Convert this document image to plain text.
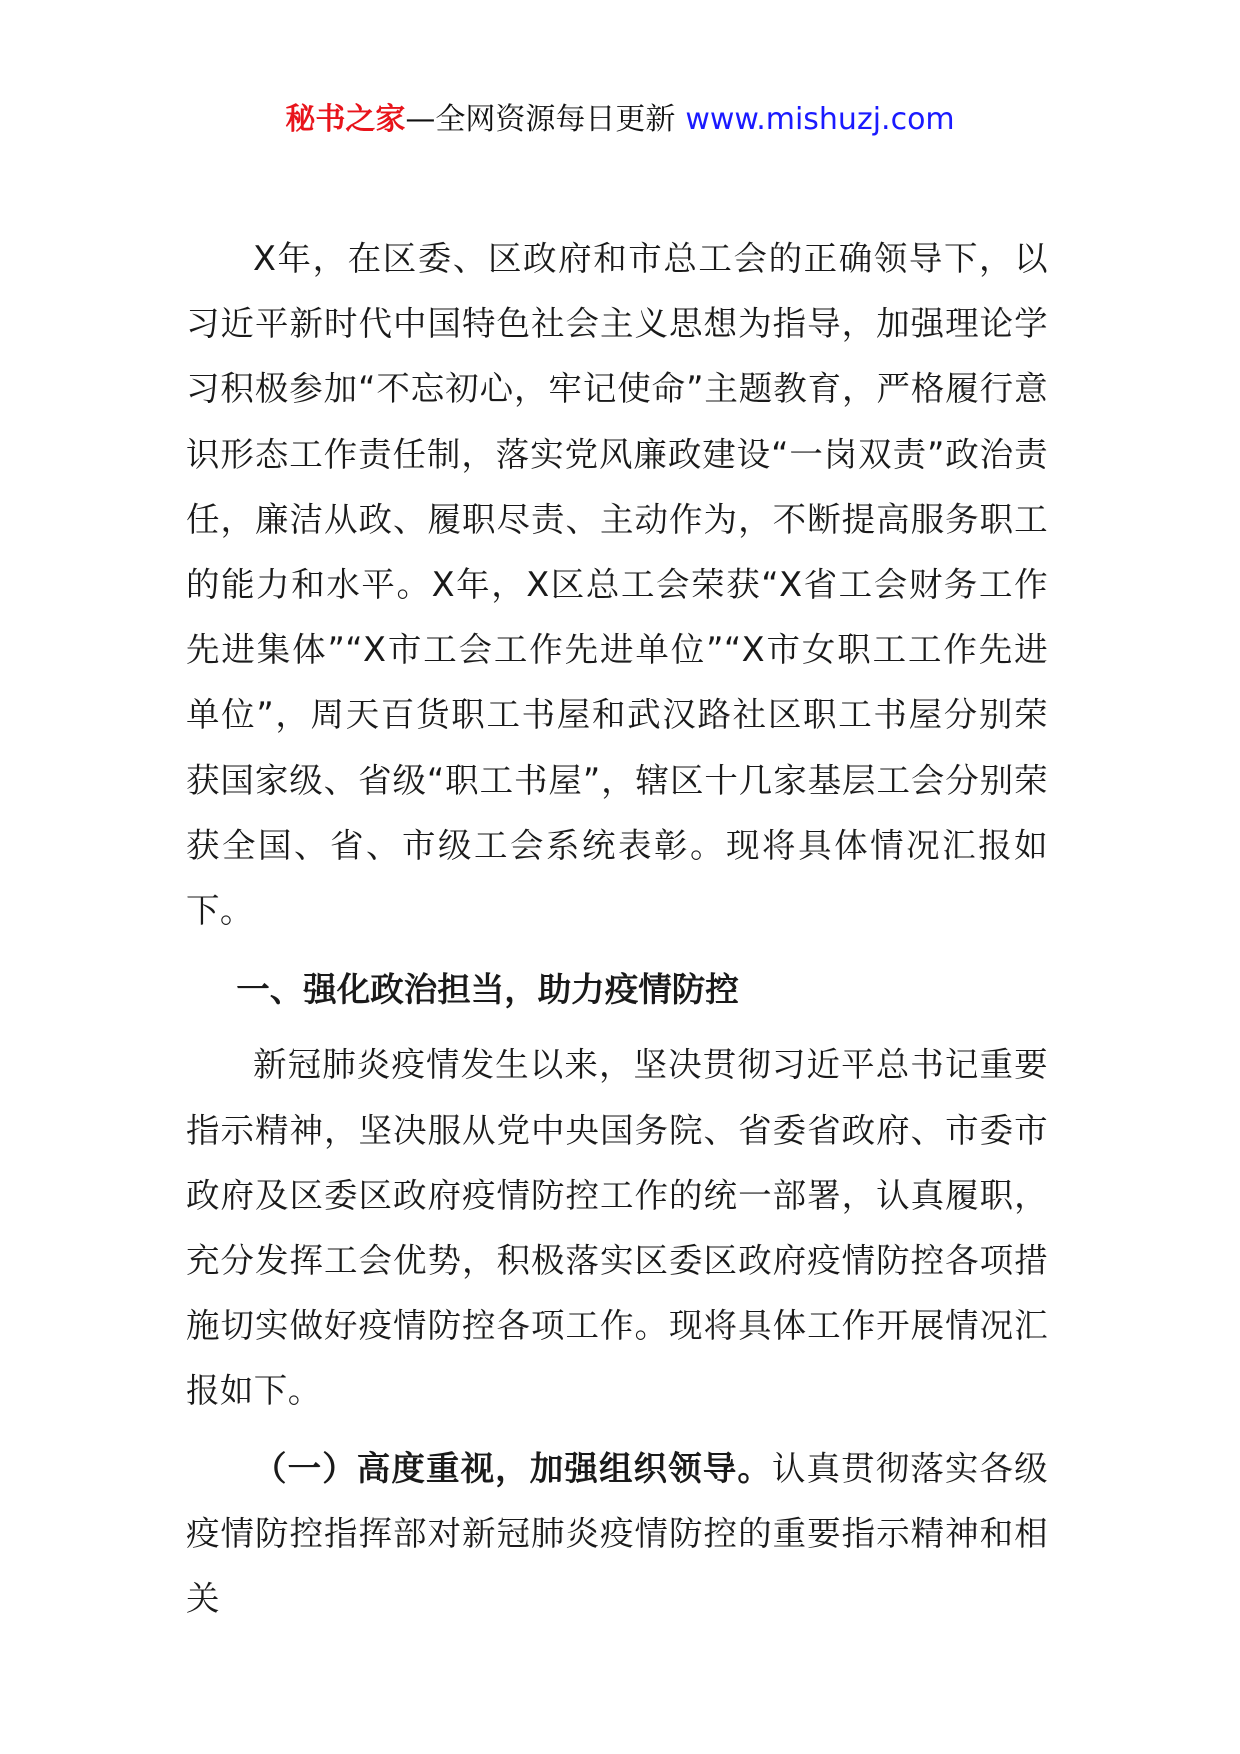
秘书之家—全网资源每日更新 www.mishuzj.com

X年，在区委、区政府和市总工会的正确领导下，以习近平新时代中国特色社会主义思想为指导，加强理论学习积极参加“不忘初心，牢记使命”主题教育，严格履行意识形态工作责任制，落实党风廉政建设“一岗双责”政治责任，廉洁从政、履职尽责、主动作为，不断提高服务职工的能力和水平。X年，X区总工会荣获“X省工会财务工作先进集体”“X市工会工作先进单位”“X市女职工工作先进单位”，周天百货职工书屋和武汉路社区职工书屋分别荣获国家级、省级“职工书屋”，辖区十几家基层工会分别荣获全国、省、市级工会系统表彰。现将具体情况汇报如下。

一、强化政治担当，助力疫情防控

新冠肺炎疫情发生以来，坚决贯彻习近平总书记重要指示精神，坚决服从党中央国务院、省委省政府、市委市政府及区委区政府疫情防控工作的统一部署，认真履职，充分发挥工会优势，积极落实区委区政府疫情防控各项措施切实做好疫情防控各项工作。现将具体工作开展情况汇报如下。

（一）高度重视，加强组织领导。认真贯彻落实各级疫情防控指挥部对新冠肺炎疫情防控的重要指示精神和相关
